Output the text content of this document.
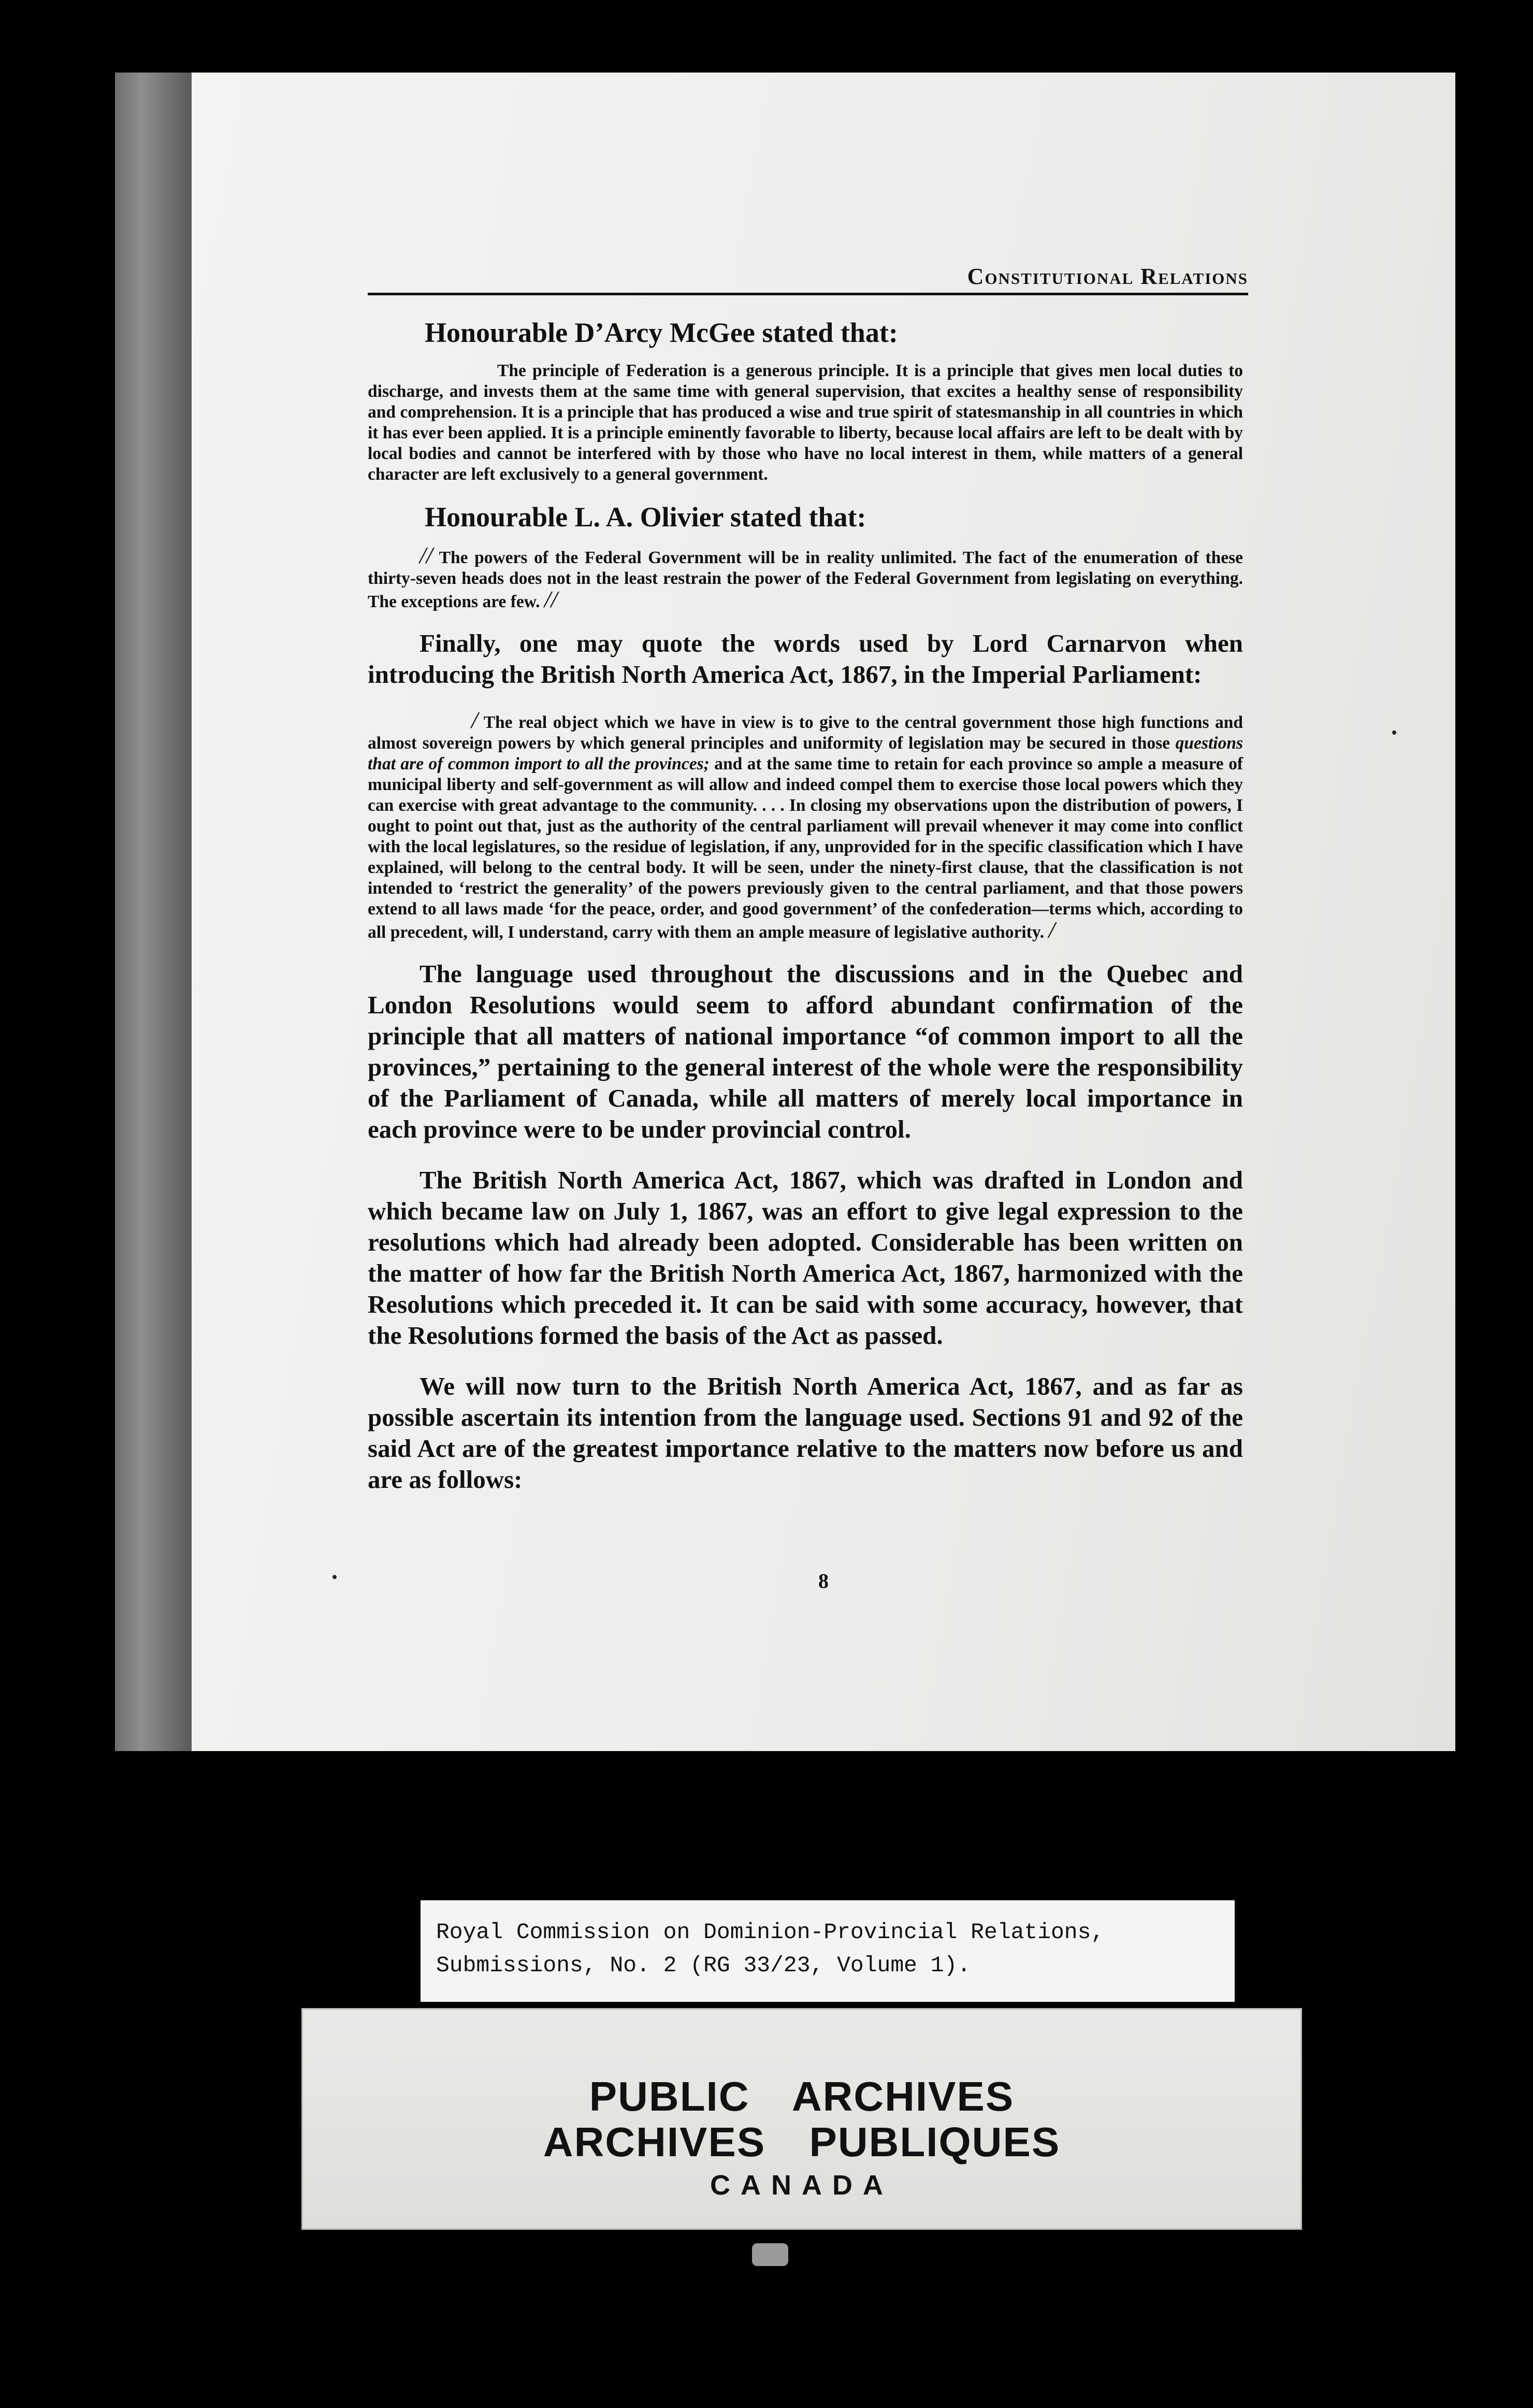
Constitutional Relations
Honourable D’Arcy McGee stated that:
The principle of Federation is a generous principle. It is a principle that gives men local duties to discharge, and invests them at the same time with general supervision, that excites a healthy sense of responsibility and comprehension. It is a principle that has produced a wise and true spirit of statesmanship in all countries in which it has ever been applied. It is a principle eminently favorable to liberty, because local affairs are left to be dealt with by local bodies and cannot be interfered with by those who have no local interest in them, while matters of a general character are left exclusively to a general government.
Honourable L. A. Olivier stated that:
// The powers of the Federal Government will be in reality unlimited. The fact of the enumeration of these thirty-seven heads does not in the least restrain the power of the Federal Government from legislating on everything. The exceptions are few. //
Finally, one may quote the words used by Lord Carnarvon when introducing the British North America Act, 1867, in the Imperial Parliament:
/ The real object which we have in view is to give to the central government those high functions and almost sovereign powers by which general principles and uniformity of legislation may be secured in those questions that are of common import to all the provinces; and at the same time to retain for each province so ample a measure of municipal liberty and self-government as will allow and indeed compel them to exercise those local powers which they can exercise with great advantage to the community. . . . In closing my observations upon the distribution of powers, I ought to point out that, just as the authority of the central parliament will prevail whenever it may come into conflict with the local legislatures, so the residue of legislation, if any, unprovided for in the specific classification which I have explained, will belong to the central body. It will be seen, under the ninety-first clause, that the classification is not intended to ‘restrict the generality’ of the powers previously given to the central parliament, and that those powers extend to all laws made ‘for the peace, order, and good government’ of the confederation—terms which, according to all precedent, will, I understand, carry with them an ample measure of legislative authority. /
The language used throughout the discussions and in the Quebec and London Resolutions would seem to afford abundant confirmation of the principle that all matters of national importance “of common import to all the provinces,” pertaining to the general interest of the whole were the responsibility of the Parliament of Canada, while all matters of merely local importance in each province were to be under provincial control.
The British North America Act, 1867, which was drafted in London and which became law on July 1, 1867, was an effort to give legal expression to the resolutions which had already been adopted. Considerable has been written on the matter of how far the British North America Act, 1867, harmonized with the Resolutions which preceded it. It can be said with some accuracy, however, that the Resolutions formed the basis of the Act as passed.
We will now turn to the British North America Act, 1867, and as far as possible ascertain its intention from the language used. Sections 91 and 92 of the said Act are of the greatest importance relative to the matters now before us and are as follows:
8
Royal Commission on Dominion-Provincial Relations,
Submissions, No. 2 (RG 33/23, Volume 1).
PUBLIC ARCHIVES
ARCHIVES PUBLIQUES
CANADA
